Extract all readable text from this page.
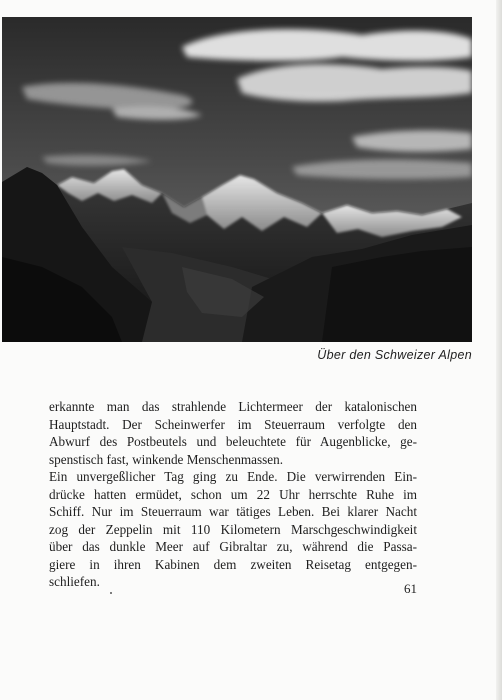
Über den Schweizer Alpen
erkannte man das strahlende Lichtermeer der katalonischen
Hauptstadt. Der Scheinwerfer im Steuerraum verfolgte den
Abwurf des Postbeutels und beleuchtete für Augenblicke, ge-
spenstisch fast, winkende Menschenmassen.
Ein unvergeßlicher Tag ging zu Ende. Die verwirrenden Ein-
drücke hatten ermüdet, schon um 22 Uhr herrschte Ruhe im
Schiff. Nur im Steuerraum war tätiges Leben. Bei klarer Nacht
zog der Zeppelin mit 110 Kilometern Marschgeschwindigkeit
über das dunkle Meer auf Gibraltar zu, während die Passa-
giere in ihren Kabinen dem zweiten Reisetag entgegen-
schliefen.	61
